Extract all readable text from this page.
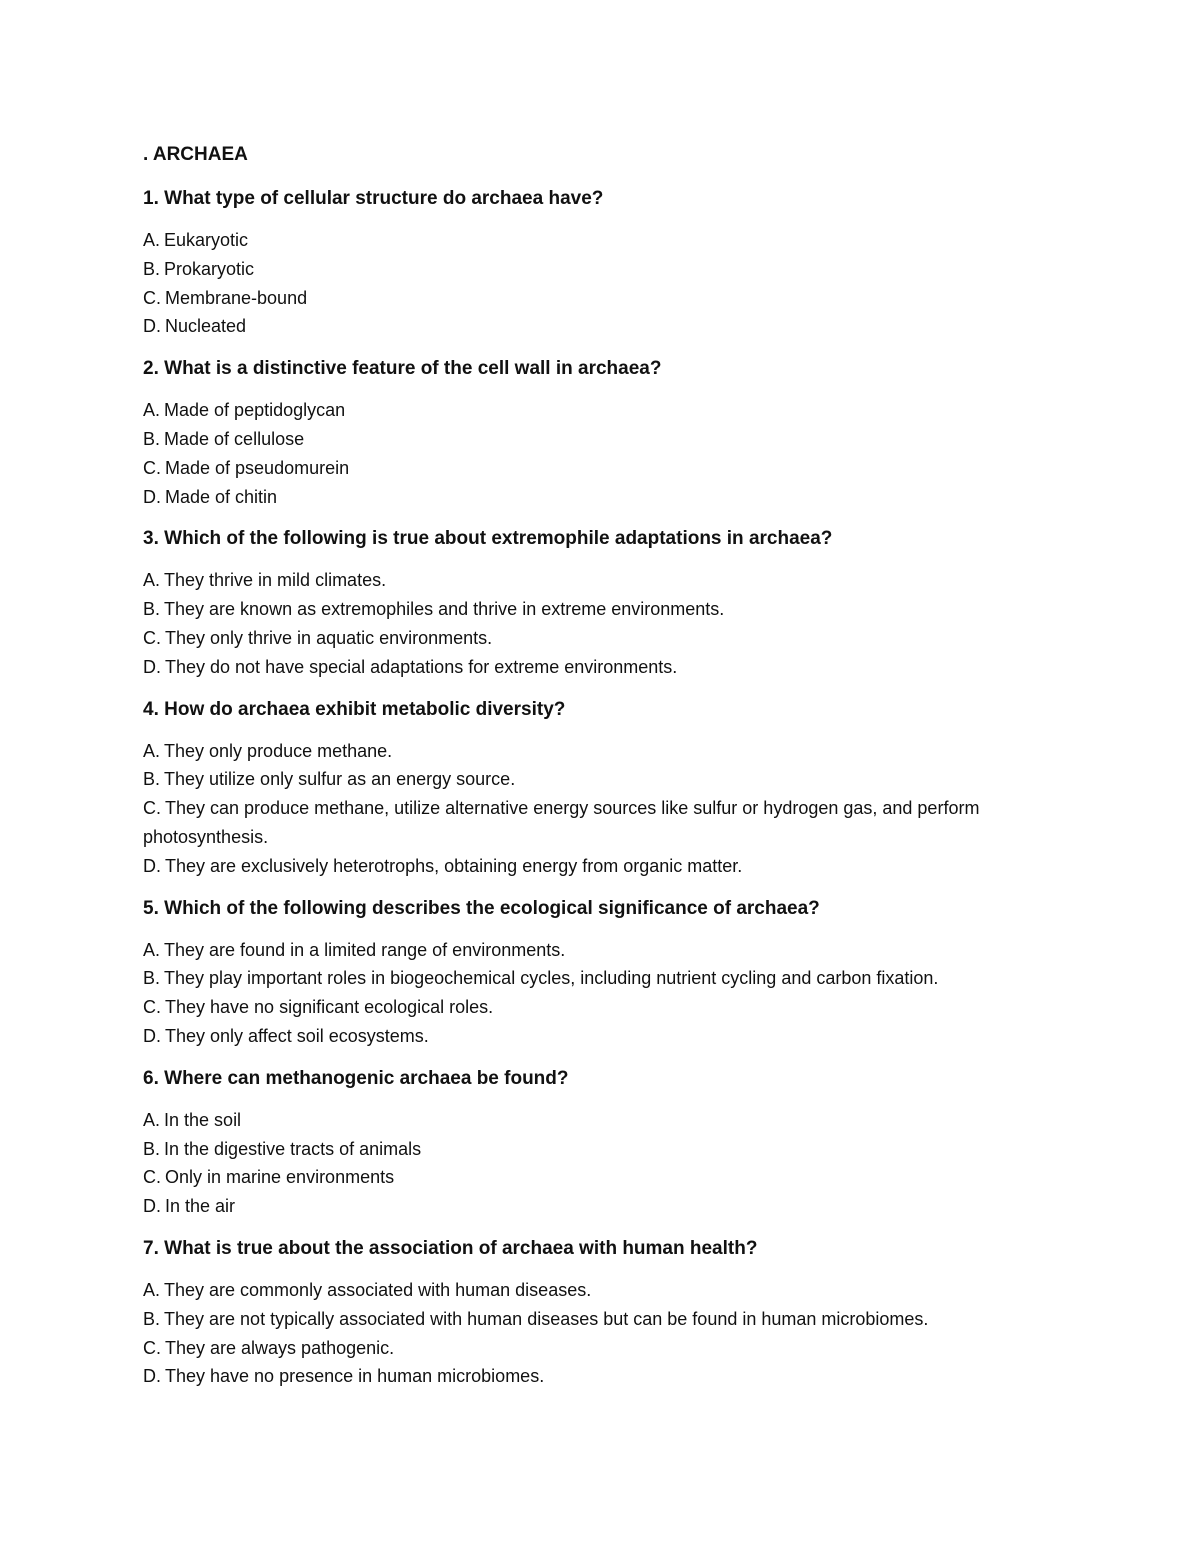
. ARCHAEA
1. What type of cellular structure do archaea have?
A. Eukaryotic
B. Prokaryotic
C. Membrane-bound
D. Nucleated
2. What is a distinctive feature of the cell wall in archaea?
A. Made of peptidoglycan
B. Made of cellulose
C. Made of pseudomurein
D. Made of chitin
3. Which of the following is true about extremophile adaptations in archaea?
A. They thrive in mild climates.
B. They are known as extremophiles and thrive in extreme environments.
C. They only thrive in aquatic environments.
D. They do not have special adaptations for extreme environments.
4. How do archaea exhibit metabolic diversity?
A. They only produce methane.
B. They utilize only sulfur as an energy source.
C. They can produce methane, utilize alternative energy sources like sulfur or hydrogen gas, and perform photosynthesis.
D. They are exclusively heterotrophs, obtaining energy from organic matter.
5. Which of the following describes the ecological significance of archaea?
A. They are found in a limited range of environments.
B. They play important roles in biogeochemical cycles, including nutrient cycling and carbon fixation.
C. They have no significant ecological roles.
D. They only affect soil ecosystems.
6. Where can methanogenic archaea be found?
A. In the soil
B. In the digestive tracts of animals
C. Only in marine environments
D. In the air
7. What is true about the association of archaea with human health?
A. They are commonly associated with human diseases.
B. They are not typically associated with human diseases but can be found in human microbiomes.
C. They are always pathogenic.
D. They have no presence in human microbiomes.
